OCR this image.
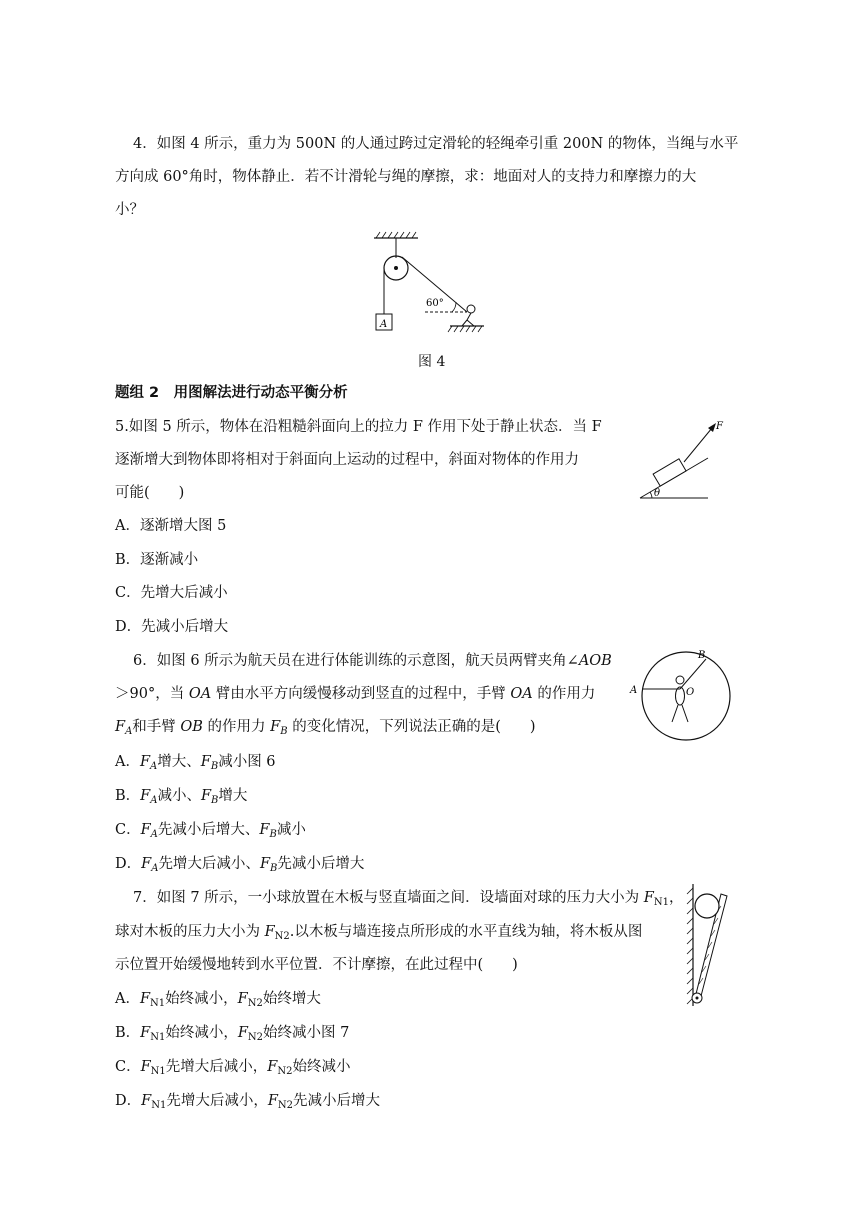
4．如图 4 所示，重力为 500N 的人通过跨过定滑轮的轻绳牵引重 200N 的物体，当绳与水平
方向成 60°角时，物体静止．若不计滑轮与绳的摩擦，求：地面对人的支持力和摩擦力的大
小？
A
60°
图 4
题组 2　用图解法进行动态平衡分析
5.如图 5 所示，物体在沿粗糙斜面向上的拉力 F 作用下处于静止状态．当 F
逐渐增大到物体即将相对于斜面向上运动的过程中，斜面对物体的作用力
可能(　　)
A．逐渐增大图 5
B．逐渐减小
C．先增大后减小
D．先减小后增大
θ
F
6．如图 6 所示为航天员在进行体能训练的示意图，航天员两臂夹角∠AOB
＞90°，当 OA 臂由水平方向缓慢移动到竖直的过程中，手臂 OA 的作用力
$F_A$和手臂 OB 的作用力 $F_B$ 的变化情况，下列说法正确的是(　　)
A．$F_A$增大、$F_B$减小图 6
B．$F_A$减小、$F_B$增大
C．$F_A$先减小后增大、$F_B$减小
D．$F_A$先增大后减小、$F_B$先减小后增大
A
B
O
7．如图 7 所示，一小球放置在木板与竖直墙面之间．设墙面对球的压力大小为 $F_{N1}$，
球对木板的压力大小为 $F_{N2}$.以木板与墙连接点所形成的水平直线为轴，将木板从图
示位置开始缓慢地转到水平位置．不计摩擦，在此过程中(　　)
A．$F_{N1}$始终减小，$F_{N2}$始终增大
B．$F_{N1}$始终减小，$F_{N2}$始终减小图 7
C．$F_{N1}$先增大后减小，$F_{N2}$始终减小
D．$F_{N1}$先增大后减小，$F_{N2}$先减小后增大
